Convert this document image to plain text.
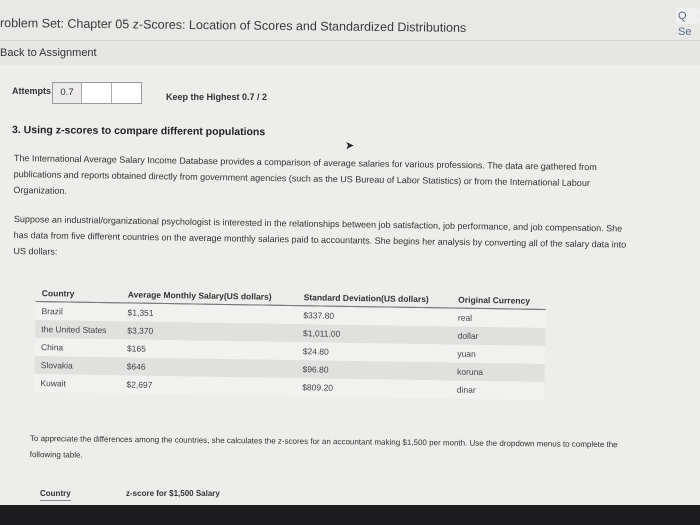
roblem Set: Chapter 05 z-Scores: Location of Scores and Standardized Distributions
Q Se
Back to Assignment
Attempts 0.7	Keep the Highest 0.7 / 2
3. Using z-scores to compare different populations
➤
The International Average Salary Income Database provides a comparison of average salaries for various professions. The data are gathered from publications and reports obtained directly from government agencies (such as the US Bureau of Labor Statistics) or from the International Labour Organization.
Suppose an industrial/organizational psychologist is interested in the relationships between job satisfaction, job performance, and job compensation. She has data from five different countries on the average monthly salaries paid to accountants. She begins her analysis by converting all of the salary data into US dollars:
Country	Average Monthly Salary(US dollars)	Standard Deviation(US dollars)	Original Currency
Brazil	$1,351	$337.80	real
the United States	$3,370	$1,011.00	dollar
China	$165	$24.80	yuan
Slovakia	$646	$96.80	koruna
Kuwait	$2,697	$809.20	dinar
To appreciate the differences among the countries, she calculates the z-scores for an accountant making $1,500 per month. Use the dropdown menus to complete the following table.
Country	z-score for $1,500 Salary
